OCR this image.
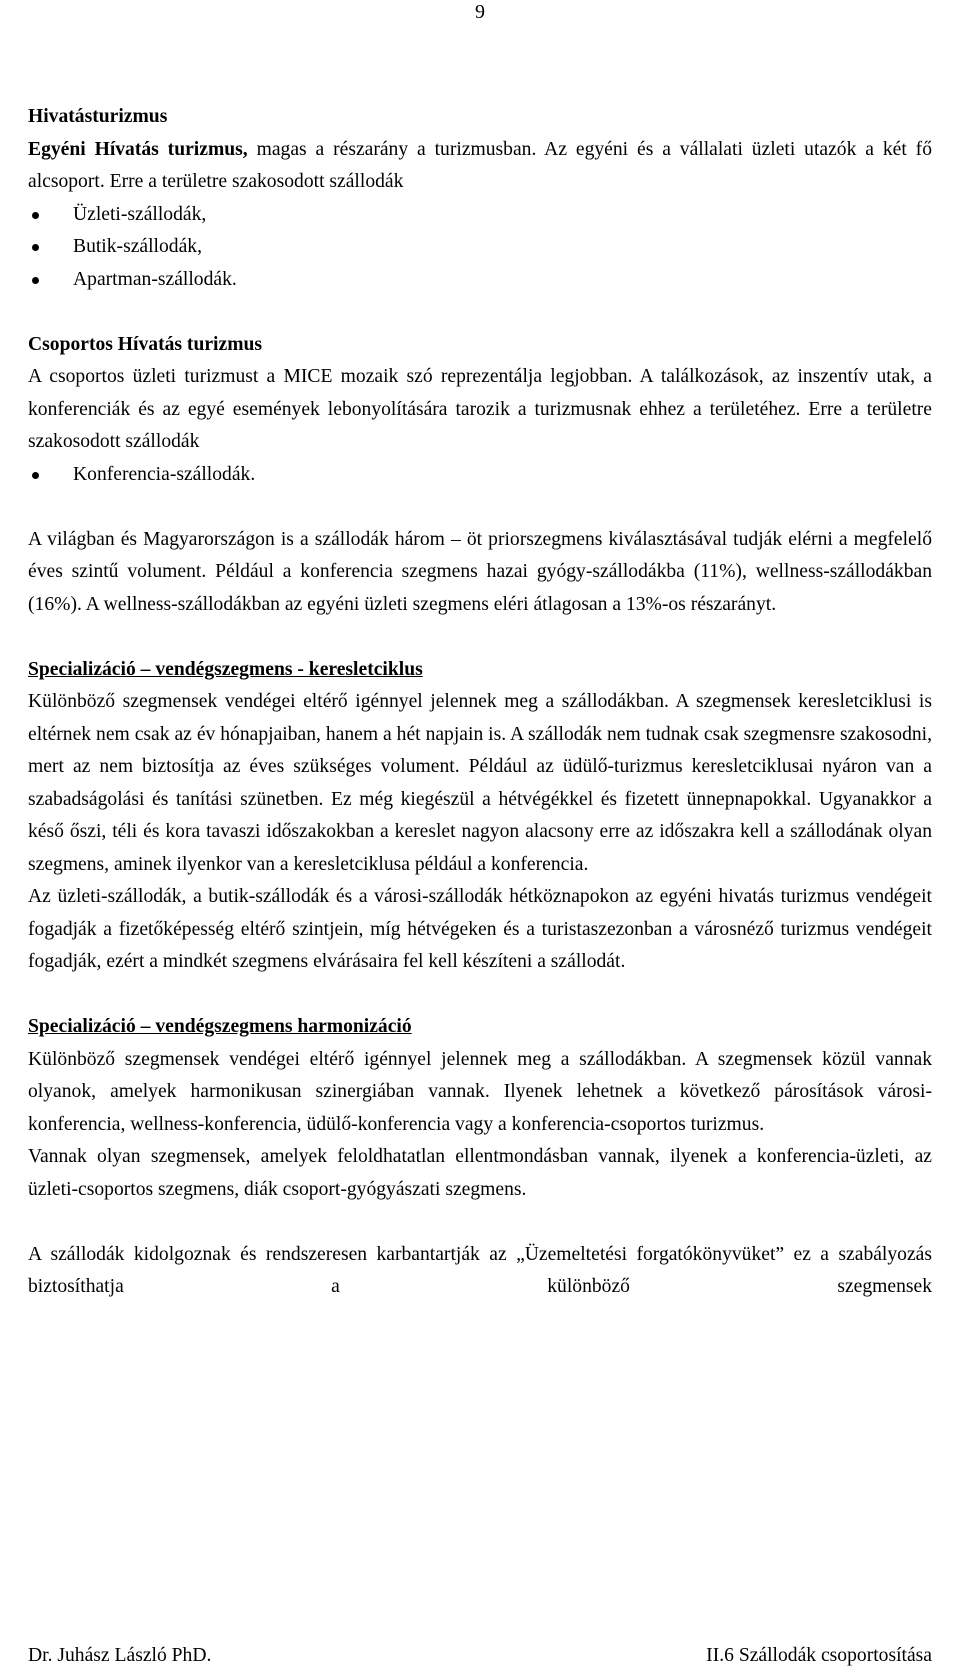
9

Hivatásturizmus

Egyéni Hívatás turizmus, magas a részarány a turizmusban. Az egyéni és a vállalati üzleti utazók a két fő alcsoport. Erre a területre szakosodott szállodák

Üzleti-szállodák,
Butik-szállodák,
Apartman-szállodák.

Csoportos Hívatás turizmus

A csoportos üzleti turizmust a MICE mozaik szó reprezentálja legjobban. A találkozások, az inszentív utak, a konferenciák és az egyé események lebonyolítására tarozik a turizmusnak ehhez a területéhez. Erre a területre szakosodott szállodák

Konferencia-szállodák.

A világban és Magyarországon is a szállodák három – öt priorszegmens kiválasztásával tudják elérni a megfelelő éves szintű volument. Például a konferencia szegmens hazai gyógy-szállodákba (11%), wellness-szállodákban (16%). A wellness-szállodákban az egyéni üzleti szegmens eléri átlagosan a 13%-os részarányt.

Specializáció – vendégszegmens - keresletciklus

Különböző szegmensek vendégei eltérő igénnyel jelennek meg a szállodákban. A szegmensek keresletciklusi is eltérnek nem csak az év hónapjaiban, hanem a hét napjain is. A szállodák nem tudnak csak szegmensre szakosodni, mert az nem biztosítja az éves szükséges volument. Például az üdülő-turizmus keresletciklusai nyáron van a szabadságolási és tanítási szünetben. Ez még kiegészül a hétvégékkel és fizetett ünnepnapokkal. Ugyanakkor a késő őszi, téli és kora tavaszi időszakokban a kereslet nagyon alacsony erre az időszakra kell a szállodának olyan szegmens, aminek ilyenkor van a keresletciklusa például a konferencia.

Az üzleti-szállodák, a butik-szállodák és a városi-szállodák hétköznapokon az egyéni hivatás turizmus vendégeit fogadják a fizetőképesség eltérő szintjein, míg hétvégeken és a turistaszezonban a városnéző turizmus vendégeit fogadják, ezért a mindkét szegmens elvárásaira fel kell készíteni a szállodát.

Specializáció – vendégszegmens harmonizáció

Különböző szegmensek vendégei eltérő igénnyel jelennek meg a szállodákban. A szegmensek közül vannak olyanok, amelyek harmonikusan szinergiában vannak. Ilyenek lehetnek a következő párosítások városi-konferencia, wellness-konferencia, üdülő-konferencia vagy a konferencia-csoportos turizmus.

Vannak olyan szegmensek, amelyek feloldhatatlan ellentmondásban vannak, ilyenek a konferencia-üzleti, az üzleti-csoportos szegmens, diák csoport-gyógyászati szegmens.

A szállodák kidolgoznak és rendszeresen karbantartják az „Üzemeltetési forgatókönyvüket” ez a szabályozás biztosíthatja a különböző szegmensek

Dr. Juhász László PhD.	II.6 Szállodák csoportosítása
